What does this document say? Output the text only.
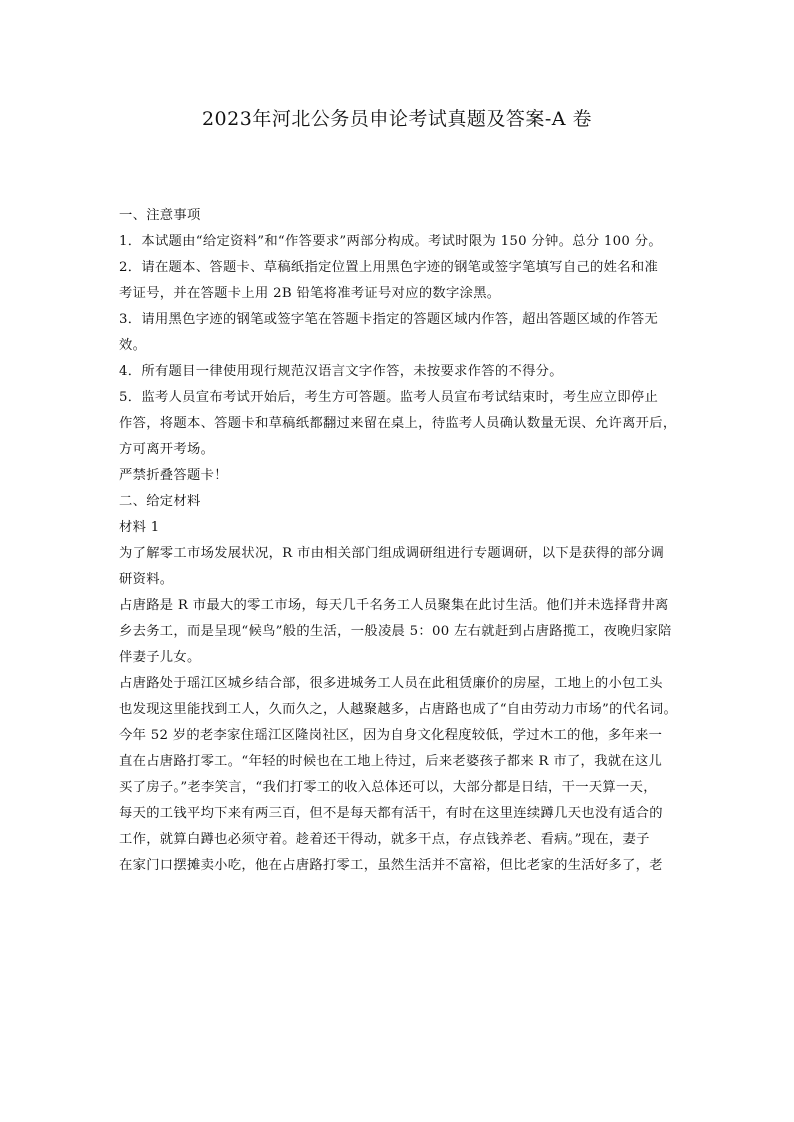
2023年河北公务员申论考试真题及答案-A 卷
一、注意事项
1．本试题由“给定资料”和“作答要求”两部分构成。考试时限为 150 分钟。总分 100 分。
2．请在题本、答题卡、草稿纸指定位置上用黑色字迹的钢笔或签字笔填写自己的姓名和准
考证号，并在答题卡上用 2B 铅笔将准考证号对应的数字涂黑。
3．请用黑色字迹的钢笔或签字笔在答题卡指定的答题区域内作答，超出答题区域的作答无
效。
4．所有题目一律使用现行规范汉语言文字作答，未按要求作答的不得分。
5．监考人员宣布考试开始后，考生方可答题。监考人员宣布考试结束时，考生应立即停止
作答，将题本、答题卡和草稿纸都翻过来留在桌上，待监考人员确认数量无误、允许离开后，
方可离开考场。
严禁折叠答题卡！
二、给定材料
材料 1
为了解零工市场发展状况，R 市由相关部门组成调研组进行专题调研，以下是获得的部分调
研资料。
占唐路是 R 市最大的零工市场，每天几千名务工人员聚集在此讨生活。他们并未选择背井离
乡去务工，而是呈现“候鸟”般的生活，一般凌晨 5：00 左右就赶到占唐路揽工，夜晚归家陪
伴妻子儿女。
占唐路处于瑶江区城乡结合部，很多进城务工人员在此租赁廉价的房屋，工地上的小包工头
也发现这里能找到工人，久而久之，人越聚越多，占唐路也成了“自由劳动力市场”的代名词。
今年 52 岁的老李家住瑶江区隆岗社区，因为自身文化程度较低，学过木工的他，多年来一
直在占唐路打零工。“年轻的时候也在工地上待过，后来老婆孩子都来 R 市了，我就在这儿
买了房子。”老李笑言，“我们打零工的收入总体还可以，大部分都是日结，干一天算一天，
每天的工钱平均下来有两三百，但不是每天都有活干，有时在这里连续蹲几天也没有适合的
工作，就算白蹲也必须守着。趁着还干得动，就多干点，存点钱养老、看病。”现在，妻子
在家门口摆摊卖小吃，他在占唐路打零工，虽然生活并不富裕，但比老家的生活好多了，老
